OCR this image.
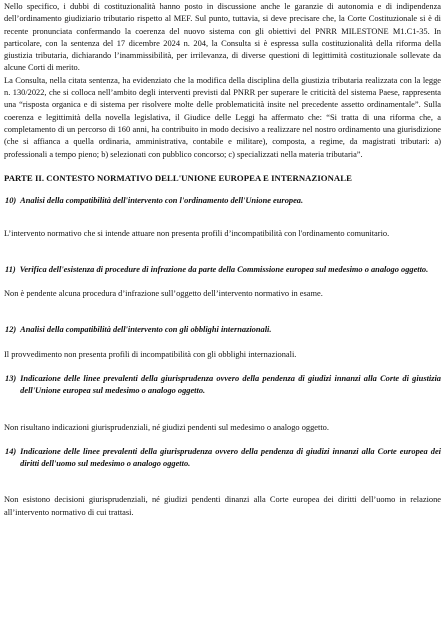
Nello specifico, i dubbi di costituzionalità hanno posto in discussione anche le garanzie di autonomia e di indipendenza dell’ordinamento giudiziario tributario rispetto al MEF. Sul punto, tuttavia, si deve precisare che, la Corte Costituzionale si è di recente pronunciata confermando la coerenza del nuovo sistema con gli obiettivi del PNRR MILESTONE M1.C1-35. In particolare, con la sentenza del 17 dicembre 2024 n. 204, la Consulta si è espressa sulla costituzionalità della riforma della giustizia tributaria, dichiarando l’inammissibilità, per irrilevanza, di diverse questioni di legittimità costituzionale sollevate da alcune Corti di merito.

La Consulta, nella citata sentenza, ha evidenziato che la modifica della disciplina della giustizia tributaria realizzata con la legge n. 130/2022, che si colloca nell’ambito degli interventi previsti dal PNRR per superare le criticità del sistema Paese, rappresenta una “risposta organica e di sistema per risolvere molte delle problematicità insite nel precedente assetto ordinamentale”. Sulla coerenza e legittimità della novella legislativa, il Giudice delle Leggi ha affermato che: “Si tratta di una riforma che, a completamento di un percorso di 160 anni, ha contribuito in modo decisivo a realizzare nel nostro ordinamento una giurisdizione (che si affianca a quella ordinaria, amministrativa, contabile e militare), composta, a regime, da magistrati tributari: a) professionali a tempo pieno; b) selezionati con pubblico concorso; c) specializzati nella materia tributaria”.

PARTE II. CONTESTO NORMATIVO DELL'UNIONE EUROPEA E INTERNAZIONALE
10) Analisi della compatibilità dell'intervento con l'ordinamento dell'Unione europea.

L’intervento normativo che si intende attuare non presenta profili d’incompatibilità con l'ordinamento comunitario.

11) Verifica dell'esistenza di procedure di infrazione da parte della Commissione europea sul medesimo o analogo oggetto.

Non è pendente alcuna procedura d’infrazione sull’oggetto dell’intervento normativo in esame.

12) Analisi della compatibilità dell'intervento con gli obblighi internazionali.

Il provvedimento non presenta profili di incompatibilità con gli obblighi internazionali.

13) Indicazione delle linee prevalenti della giurisprudenza ovvero della pendenza di giudizi innanzi alla Corte di giustizia dell'Unione europea sul medesimo o analogo oggetto.

Non risultano indicazioni giurisprudenziali, né giudizi pendenti sul medesimo o analogo oggetto.

14) Indicazione delle linee prevalenti della giurisprudenza ovvero della pendenza di giudizi innanzi alla Corte europea dei diritti dell'uomo sul medesimo o analogo oggetto.

Non esistono decisioni giurisprudenziali, né giudizi pendenti dinanzi alla Corte europea dei diritti dell’uomo in relazione all’intervento normativo di cui trattasi.
